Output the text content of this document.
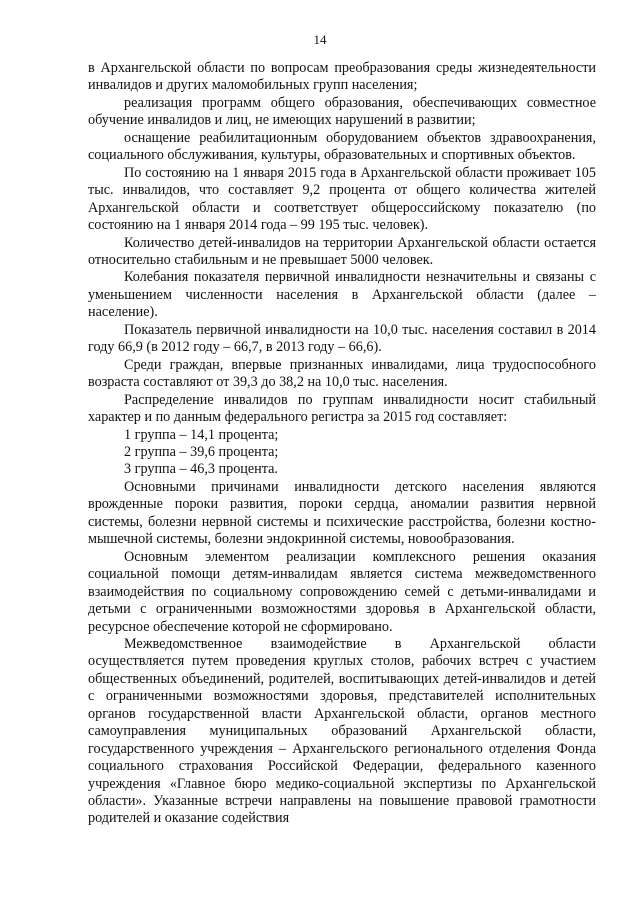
14

в Архангельской области по вопросам преобразования среды жизнедеятельности инвалидов и других маломобильных групп населения;

реализация программ общего образования, обеспечивающих совместное обучение инвалидов и лиц, не имеющих нарушений в развитии;

оснащение реабилитационным оборудованием объектов здравоохранения, социального обслуживания, культуры, образовательных и спортивных объектов.

По состоянию на 1 января 2015 года в Архангельской области проживает 105 тыс. инвалидов, что составляет 9,2 процента от общего количества жителей Архангельской области и соответствует общероссийскому показателю (по состоянию на 1 января 2014 года – 99 195 тыс. человек).

Количество детей-инвалидов на территории Архангельской области остается относительно стабильным и не превышает 5000 человек.

Колебания показателя первичной инвалидности незначительны и связаны с уменьшением численности населения в Архангельской области (далее – население).

Показатель первичной инвалидности на 10,0 тыс. населения составил в 2014 году 66,9 (в 2012 году – 66,7, в 2013 году – 66,6).

Среди граждан, впервые признанных инвалидами, лица трудоспособного возраста составляют от 39,3 до 38,2 на 10,0 тыс. населения.

Распределение инвалидов по группам инвалидности носит стабильный характер и по данным федерального регистра за 2015 год составляет:

1 группа – 14,1 процента;

2 группа – 39,6 процента;

3 группа – 46,3 процента.

Основными причинами инвалидности детского населения являются врожденные пороки развития, пороки сердца, аномалии развития нервной системы, болезни нервной системы и психические расстройства, болезни костно-мышечной системы, болезни эндокринной системы, новообразования.

Основным элементом реализации комплексного решения оказания социальной помощи детям-инвалидам является система межведомственного взаимодействия по социальному сопровождению семей с детьми-инвалидами и детьми с ограниченными возможностями здоровья в Архангельской области, ресурсное обеспечение которой не сформировано.

Межведомственное взаимодействие в Архангельской области осуществляется путем проведения круглых столов, рабочих встреч с участием общественных объединений, родителей, воспитывающих детей-инвалидов и детей с ограниченными возможностями здоровья, представителей исполнительных органов государственной власти Архангельской области, органов местного самоуправления муниципальных образований Архангельской области, государственного учреждения – Архангельского регионального отделения Фонда социального страхования Российской Федерации, федерального казенного учреждения «Главное бюро медико-социальной экспертизы по Архангельской области». Указанные встречи направлены на повышение правовой грамотности родителей и оказание содействия
